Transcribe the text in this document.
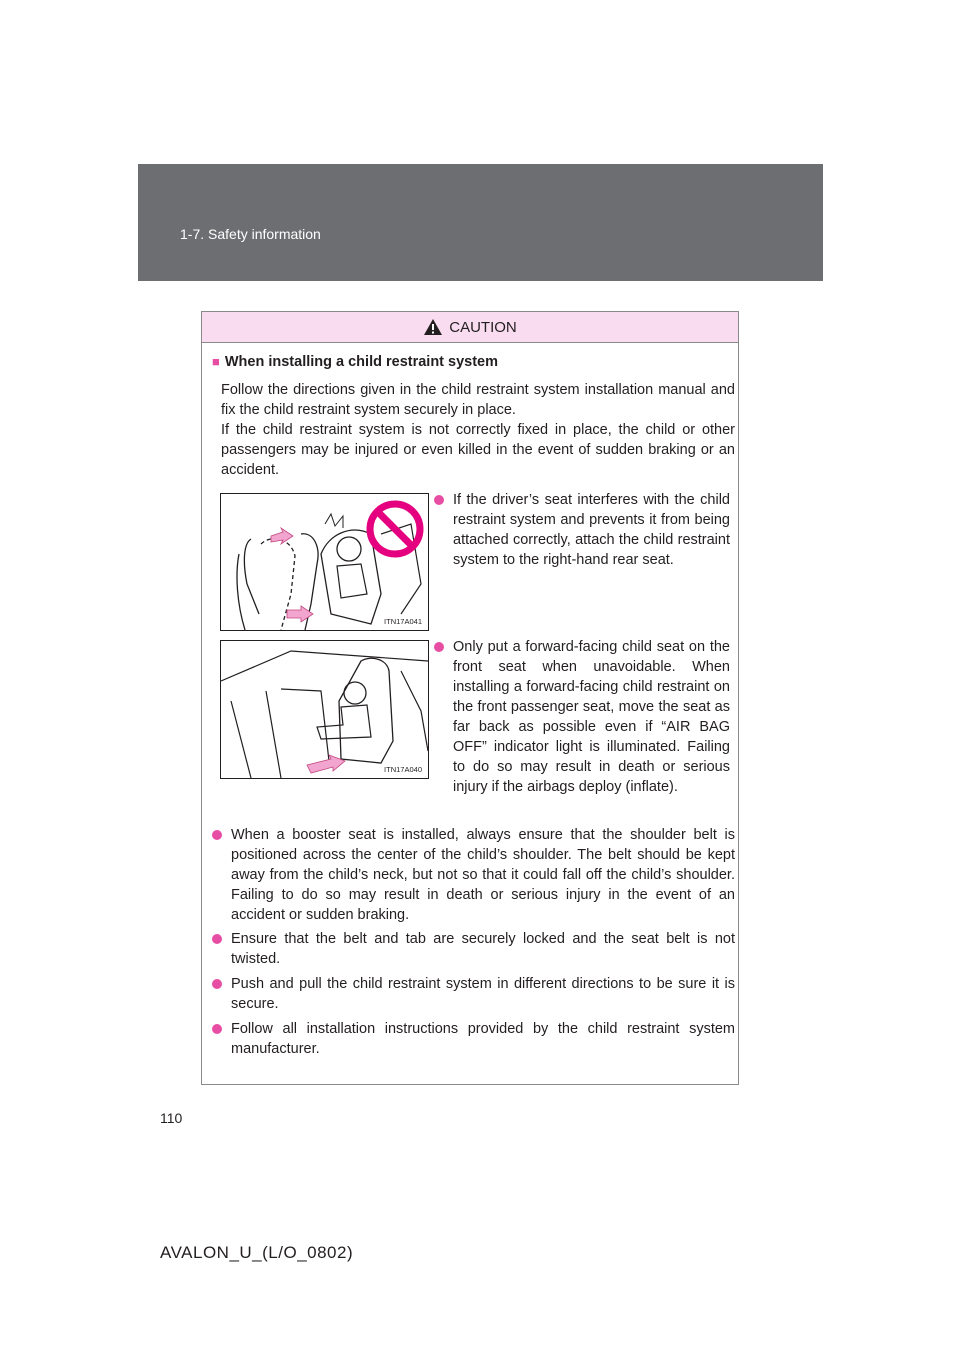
1-7. Safety information
CAUTION
■ When installing a child restraint system
Follow the directions given in the child restraint system installation manual and fix the child restraint system securely in place.
If the child restraint system is not correctly fixed in place, the child or other passengers may be injured or even killed in the event of sudden braking or an accident.
ITN17A041
If the driver’s seat interferes with the child restraint system and prevents it from being attached correctly, attach the child restraint system to the right-hand rear seat.
ITN17A040
Only put a forward-facing child seat on the front seat when unavoidable. When installing a forward-facing child restraint on the front passenger seat, move the seat as far back as possible even if “AIR BAG OFF” indicator light is illuminated. Failing to do so may result in death or serious injury if the airbags deploy (inflate).
When a booster seat is installed, always ensure that the shoulder belt is positioned across the center of the child’s shoulder. The belt should be kept away from the child’s neck, but not so that it could fall off the child’s shoulder. Failing to do so may result in death or serious injury in the event of an accident or sudden braking.
Ensure that the belt and tab are securely locked and the seat belt is not twisted.
Push and pull the child restraint system in different directions to be sure it is secure.
Follow all installation instructions provided by the child restraint system manufacturer.
110
AVALON_U_(L/O_0802)
